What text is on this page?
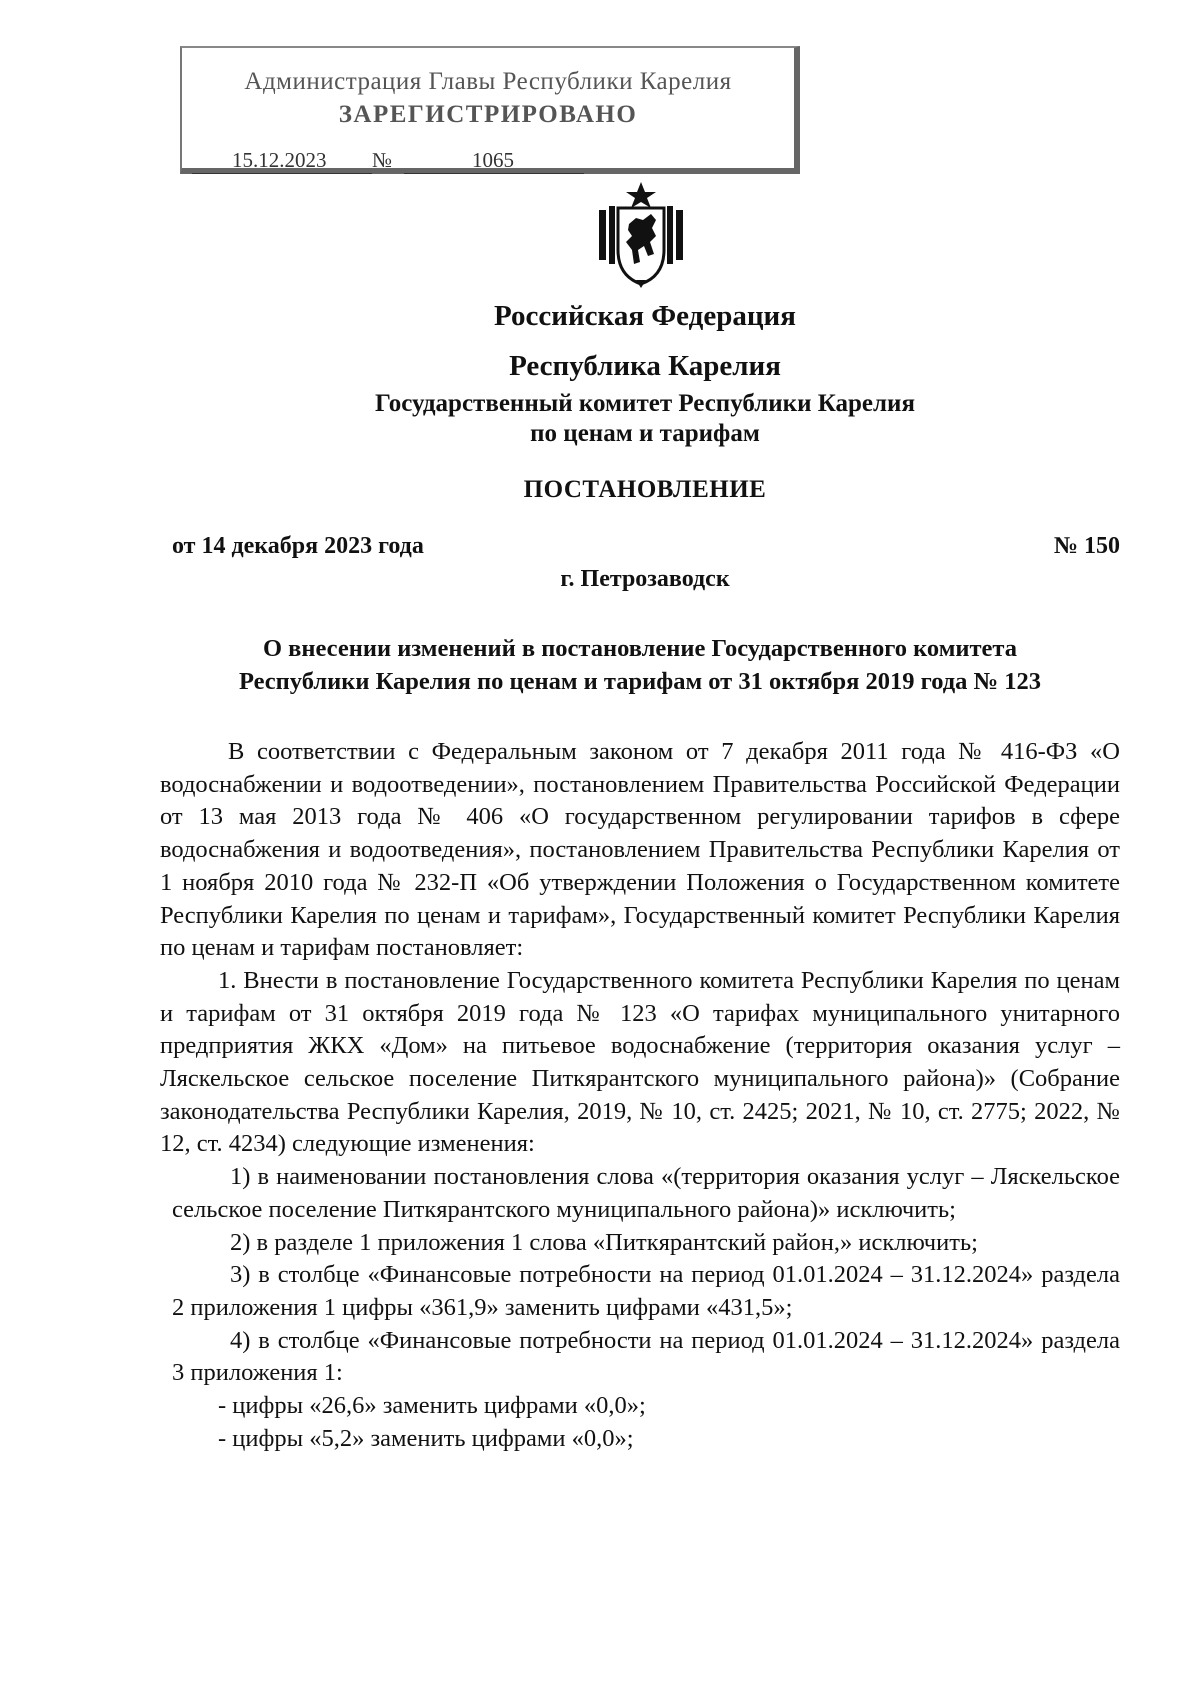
Администрация Главы Республики Карелия
ЗАРЕГИСТРИРОВАНО
15.12.2023 №	1065
Российская Федерация
Республика Карелия
Государственный комитет Республики Карелия
по ценам и тарифам
ПОСТАНОВЛЕНИЕ
от 14 декабря 2023 года	№ 150
г. Петрозаводск
О внесении изменений в постановление Государственного комитета
Республики Карелия по ценам и тарифам от 31 октября 2019 года № 123

В соответствии с Федеральным законом от 7 декабря 2011 года № 416-ФЗ «О водоснабжении и водоотведении», постановлением Правительства Российской Федерации от 13 мая 2013 года № 406 «О государственном регулировании тарифов в сфере водоснабжения и водоотведения», постановлением Правительства Республики Карелия от 1 ноября 2010 года № 232-П «Об утверждении Положения о Государственном комитете Республики Карелия по ценам и тарифам», Государственный комитет Республики Карелия по ценам и тарифам постановляет:

1. Внести в постановление Государственного комитета Республики Карелия по ценам и тарифам от 31 октября 2019 года № 123 «О тарифах муниципального унитарного предприятия ЖКХ «Дом» на питьевое водоснабжение (территория оказания услуг – Ляскельское сельское поселение Питкярантского муниципального района)» (Собрание законодательства Республики Карелия, 2019, № 10, ст. 2425; 2021, № 10, ст. 2775; 2022, № 12, ст. 4234) следующие изменения:

1) в наименовании постановления слова «(территория оказания услуг – Ляскельское сельское поселение Питкярантского муниципального района)» исключить;

2) в разделе 1 приложения 1 слова «Питкярантский район,» исключить;

3) в столбце «Финансовые потребности на период 01.01.2024 – 31.12.2024» раздела 2 приложения 1 цифры «361,9» заменить цифрами «431,5»;

4) в столбце «Финансовые потребности на период 01.01.2024 – 31.12.2024» раздела 3 приложения 1:

- цифры «26,6» заменить цифрами «0,0»;

- цифры «5,2» заменить цифрами «0,0»;
